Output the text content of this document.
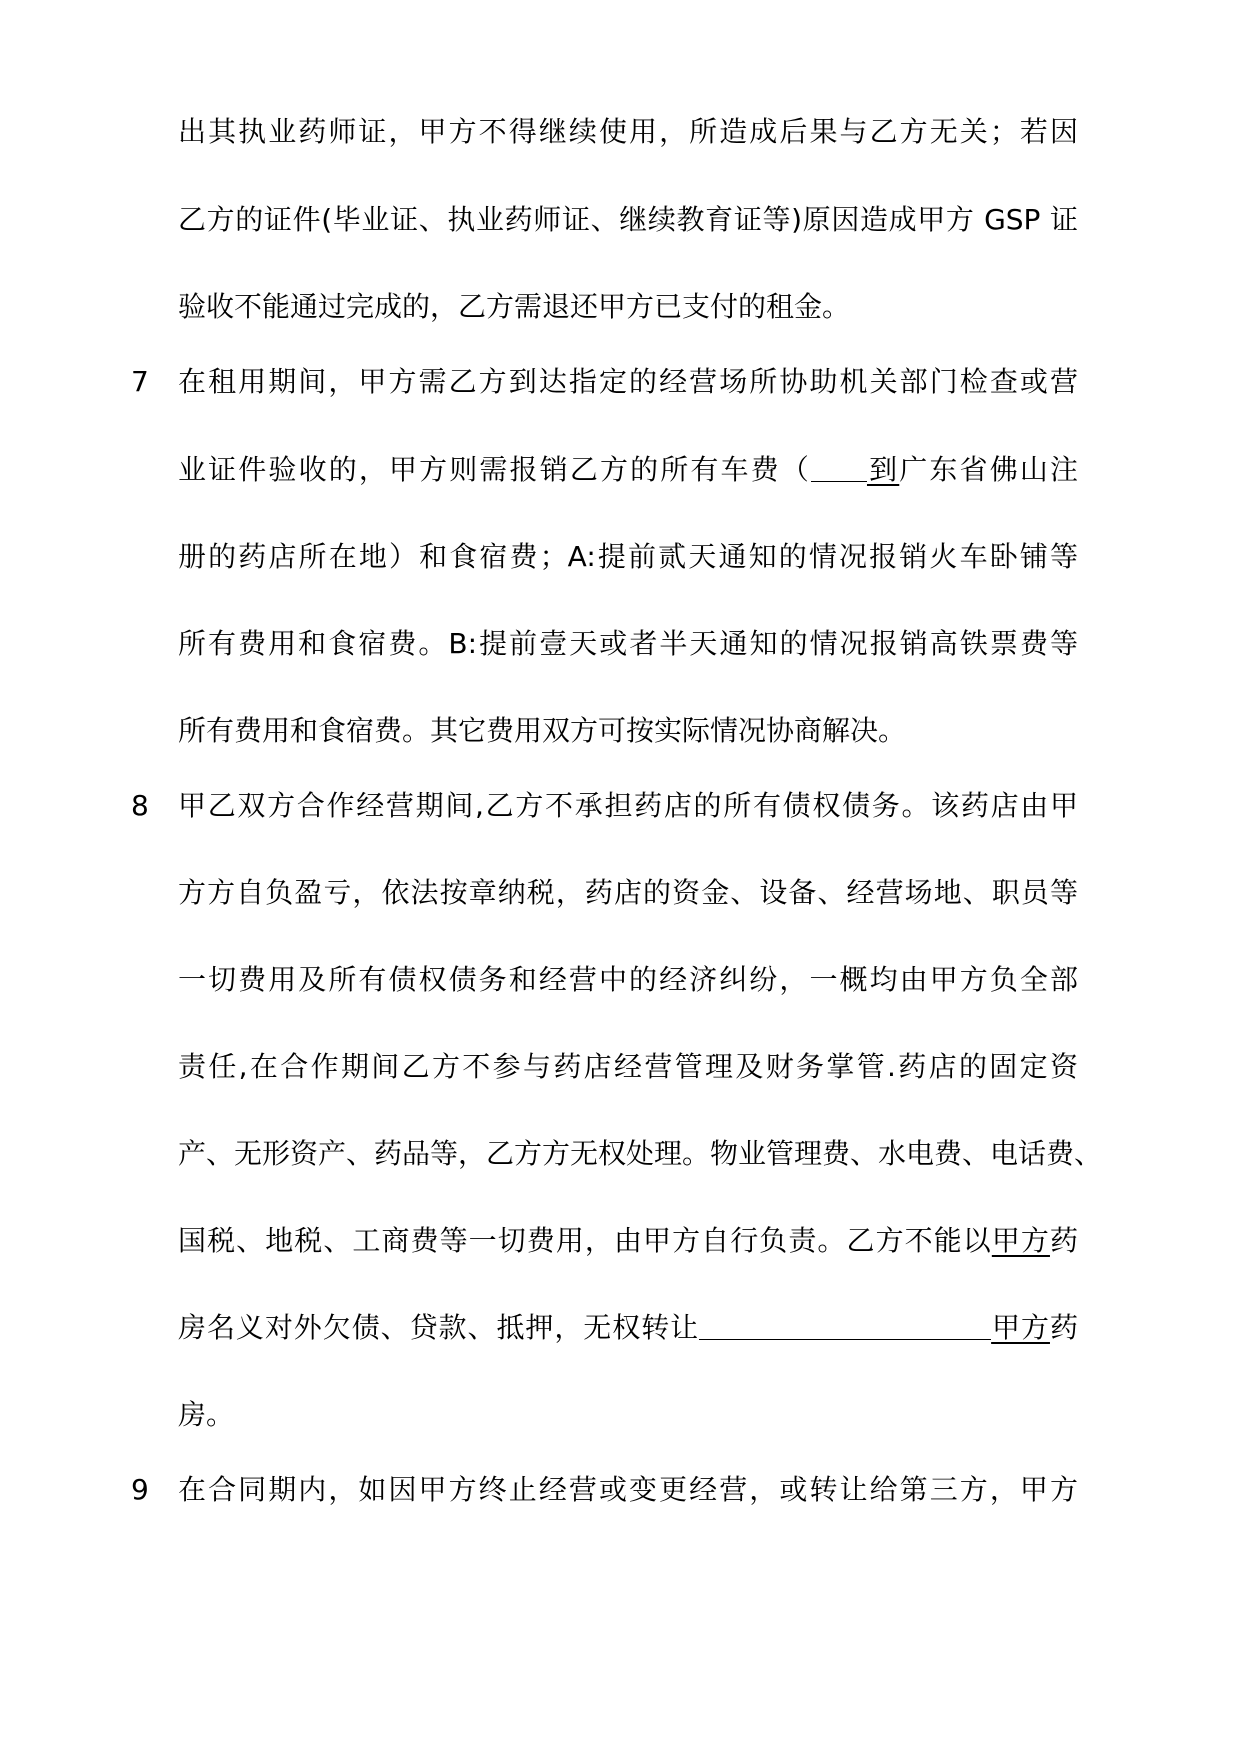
出其执业药师证，甲方不得继续使用，所造成后果与乙方无关；若因
乙方的证件(毕业证、执业药师证、继续教育证等)原因造成甲方 GSP 证
验收不能通过完成的，乙方需退还甲方已支付的租金。
7	在租用期间，甲方需乙方到达指定的经营场所协助机关部门检查或营
业证件验收的，甲方则需报销乙方的所有车费（ 到广东省佛山注
册的药店所在地）和食宿费；A:提前贰天通知的情况报销火车卧铺等
所有费用和食宿费。B:提前壹天或者半天通知的情况报销高铁票费等
所有费用和食宿费。其它费用双方可按实际情况协商解决。
8	甲乙双方合作经营期间,乙方不承担药店的所有债权债务。该药店由甲
方方自负盈亏，依法按章纳税，药店的资金、设备、经营场地、职员等
一切费用及所有债权债务和经营中的经济纠纷，一概均由甲方负全部
责任,在合作期间乙方不参与药店经营管理及财务掌管.药店的固定资
产、无形资产、药品等，乙方方无权处理。物业管理费、水电费、电话费、
国税、地税、工商费等一切费用，由甲方自行负责。乙方不能以甲方药
房名义对外欠债、贷款、抵押，无权转让	甲方药
房。
9	在合同期内，如因甲方终止经营或变更经营，或转让给第三方，甲方
